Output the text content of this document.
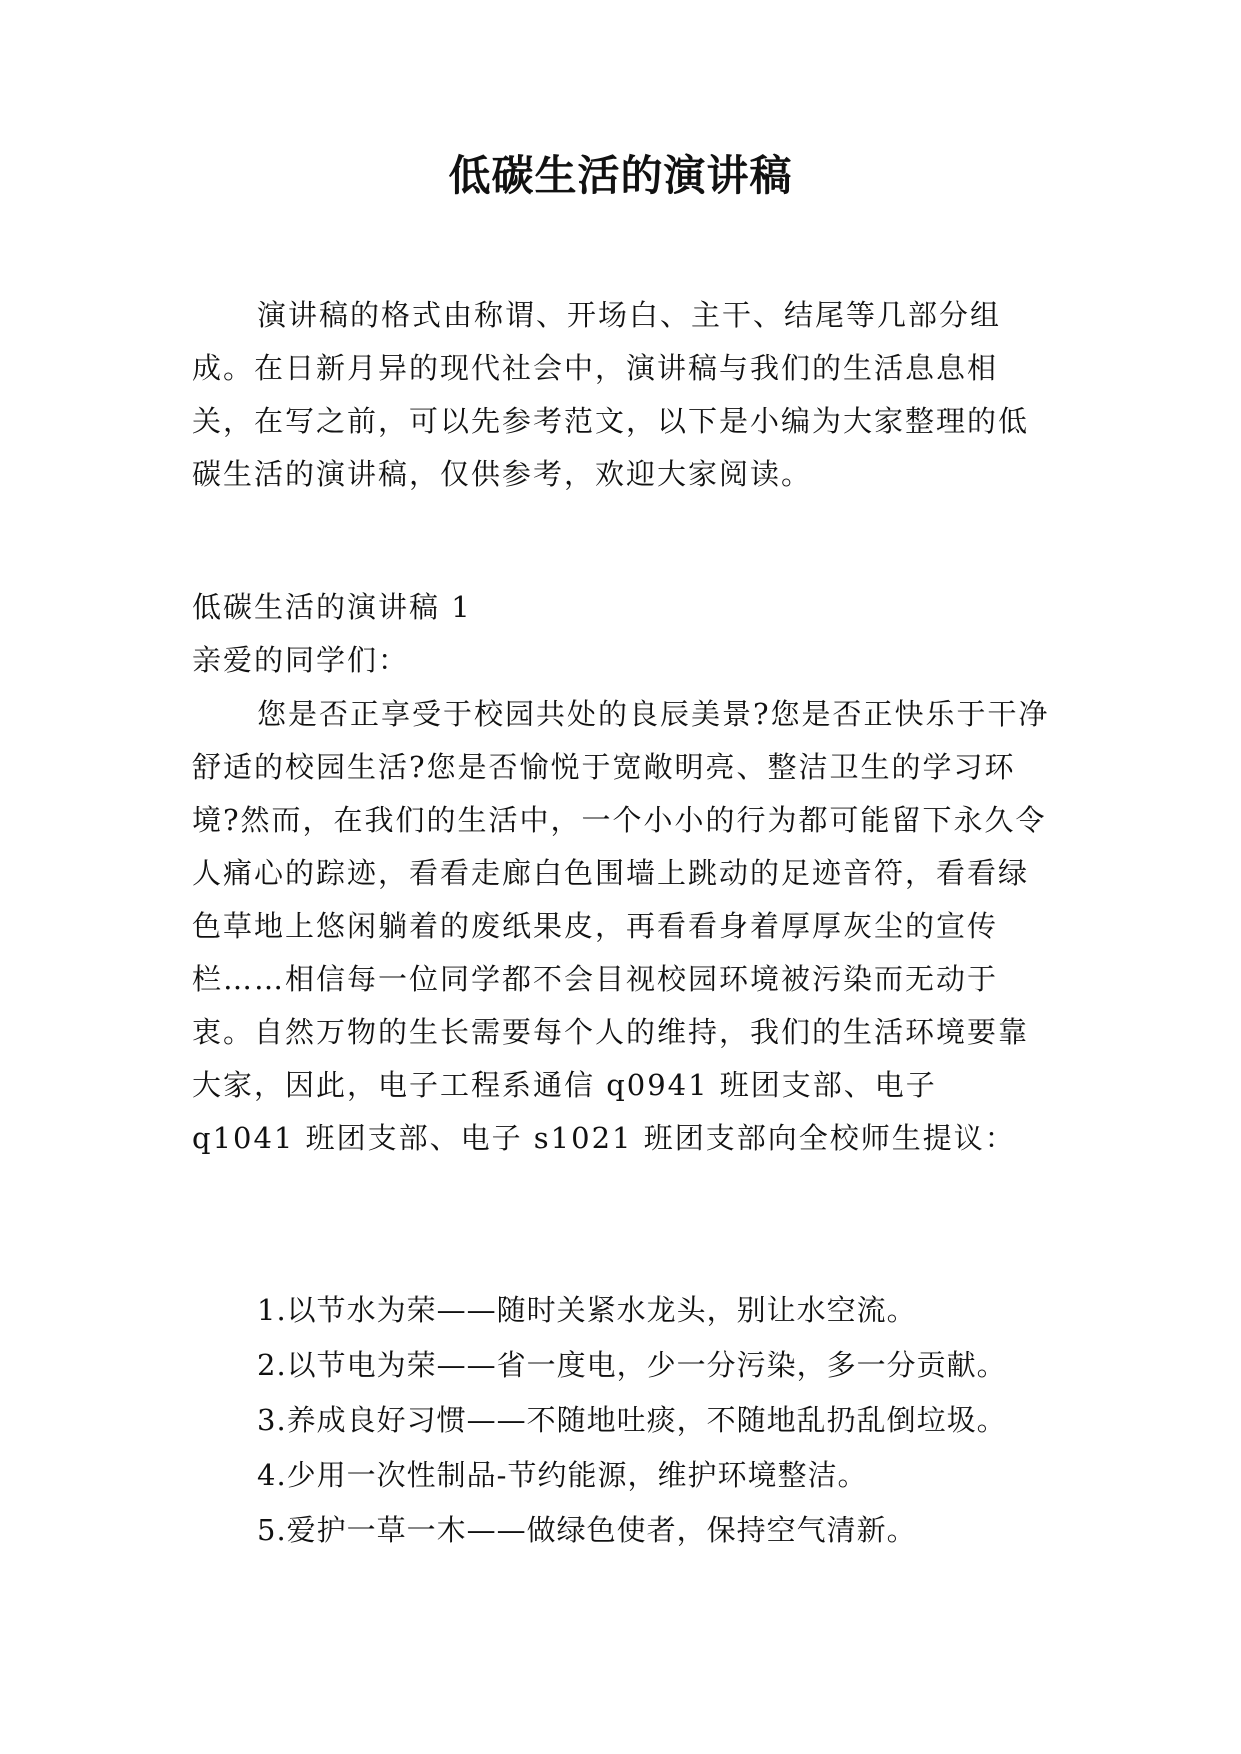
低碳生活的演讲稿

演讲稿的格式由称谓、开场白、主干、结尾等几部分组成。在日新月异的现代社会中，演讲稿与我们的生活息息相关，在写之前，可以先参考范文，以下是小编为大家整理的低碳生活的演讲稿，仅供参考，欢迎大家阅读。

低碳生活的演讲稿 1

亲爱的同学们：

您是否正享受于校园共处的良辰美景?您是否正快乐于干净舒适的校园生活?您是否愉悦于宽敞明亮、整洁卫生的学习环境?然而，在我们的生活中，一个小小的行为都可能留下永久令人痛心的踪迹，看看走廊白色围墙上跳动的足迹音符，看看绿色草地上悠闲躺着的废纸果皮，再看看身着厚厚灰尘的宣传栏……相信每一位同学都不会目视校园环境被污染而无动于衷。自然万物的生长需要每个人的维持，我们的生活环境要靠大家，因此，电子工程系通信 q0941 班团支部、电子 q1041 班团支部、电子 s1021 班团支部向全校师生提议：

1.以节水为荣——随时关紧水龙头，别让水空流。
2.以节电为荣——省一度电，少一分污染，多一分贡献。
3.养成良好习惯——不随地吐痰，不随地乱扔乱倒垃圾。
4.少用一次性制品-节约能源，维护环境整洁。
5.爱护一草一木——做绿色使者，保持空气清新。
